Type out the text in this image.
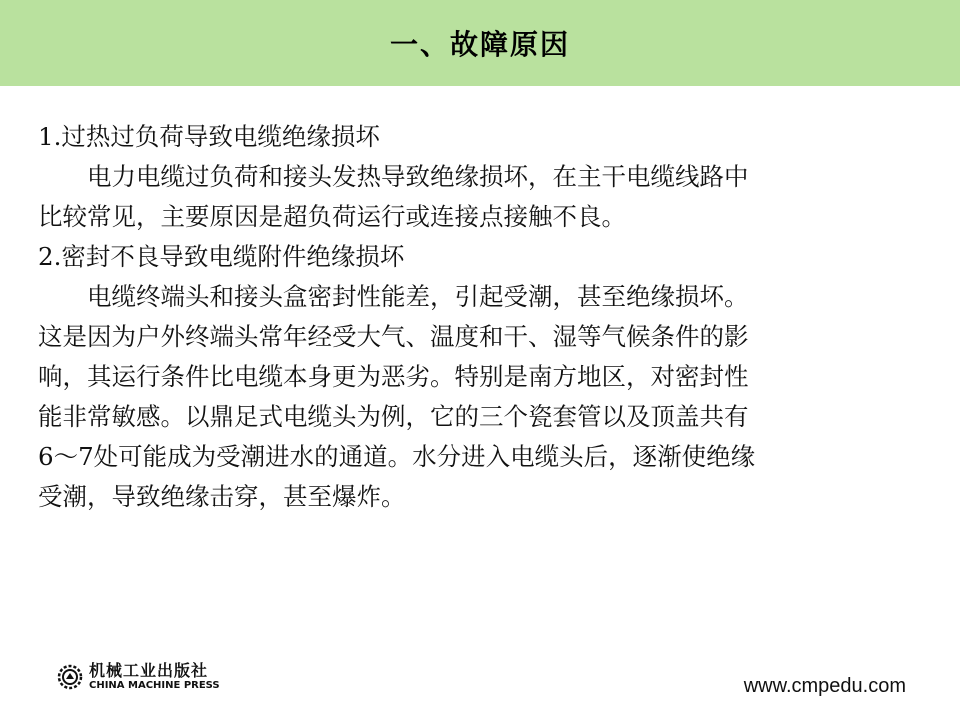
一、故障原因

1.过热过负荷导致电缆绝缘损坏

　　电力电缆过负荷和接头发热导致绝缘损坏，在主干电缆线路中

比较常见，主要原因是超负荷运行或连接点接触不良。

2.密封不良导致电缆附件绝缘损坏

　　电缆终端头和接头盒密封性能差，引起受潮，甚至绝缘损坏。

这是因为户外终端头常年经受大气、温度和干、湿等气候条件的影

响，其运行条件比电缆本身更为恶劣。特别是南方地区，对密封性

能非常敏感。以鼎足式电缆头为例，它的三个瓷套管以及顶盖共有

6～7处可能成为受潮进水的通道。水分进入电缆头后，逐渐使绝缘

受潮，导致绝缘击穿，甚至爆炸。

机械工业出版社
CHINA MACHINE PRESS	www.cmpedu.com
